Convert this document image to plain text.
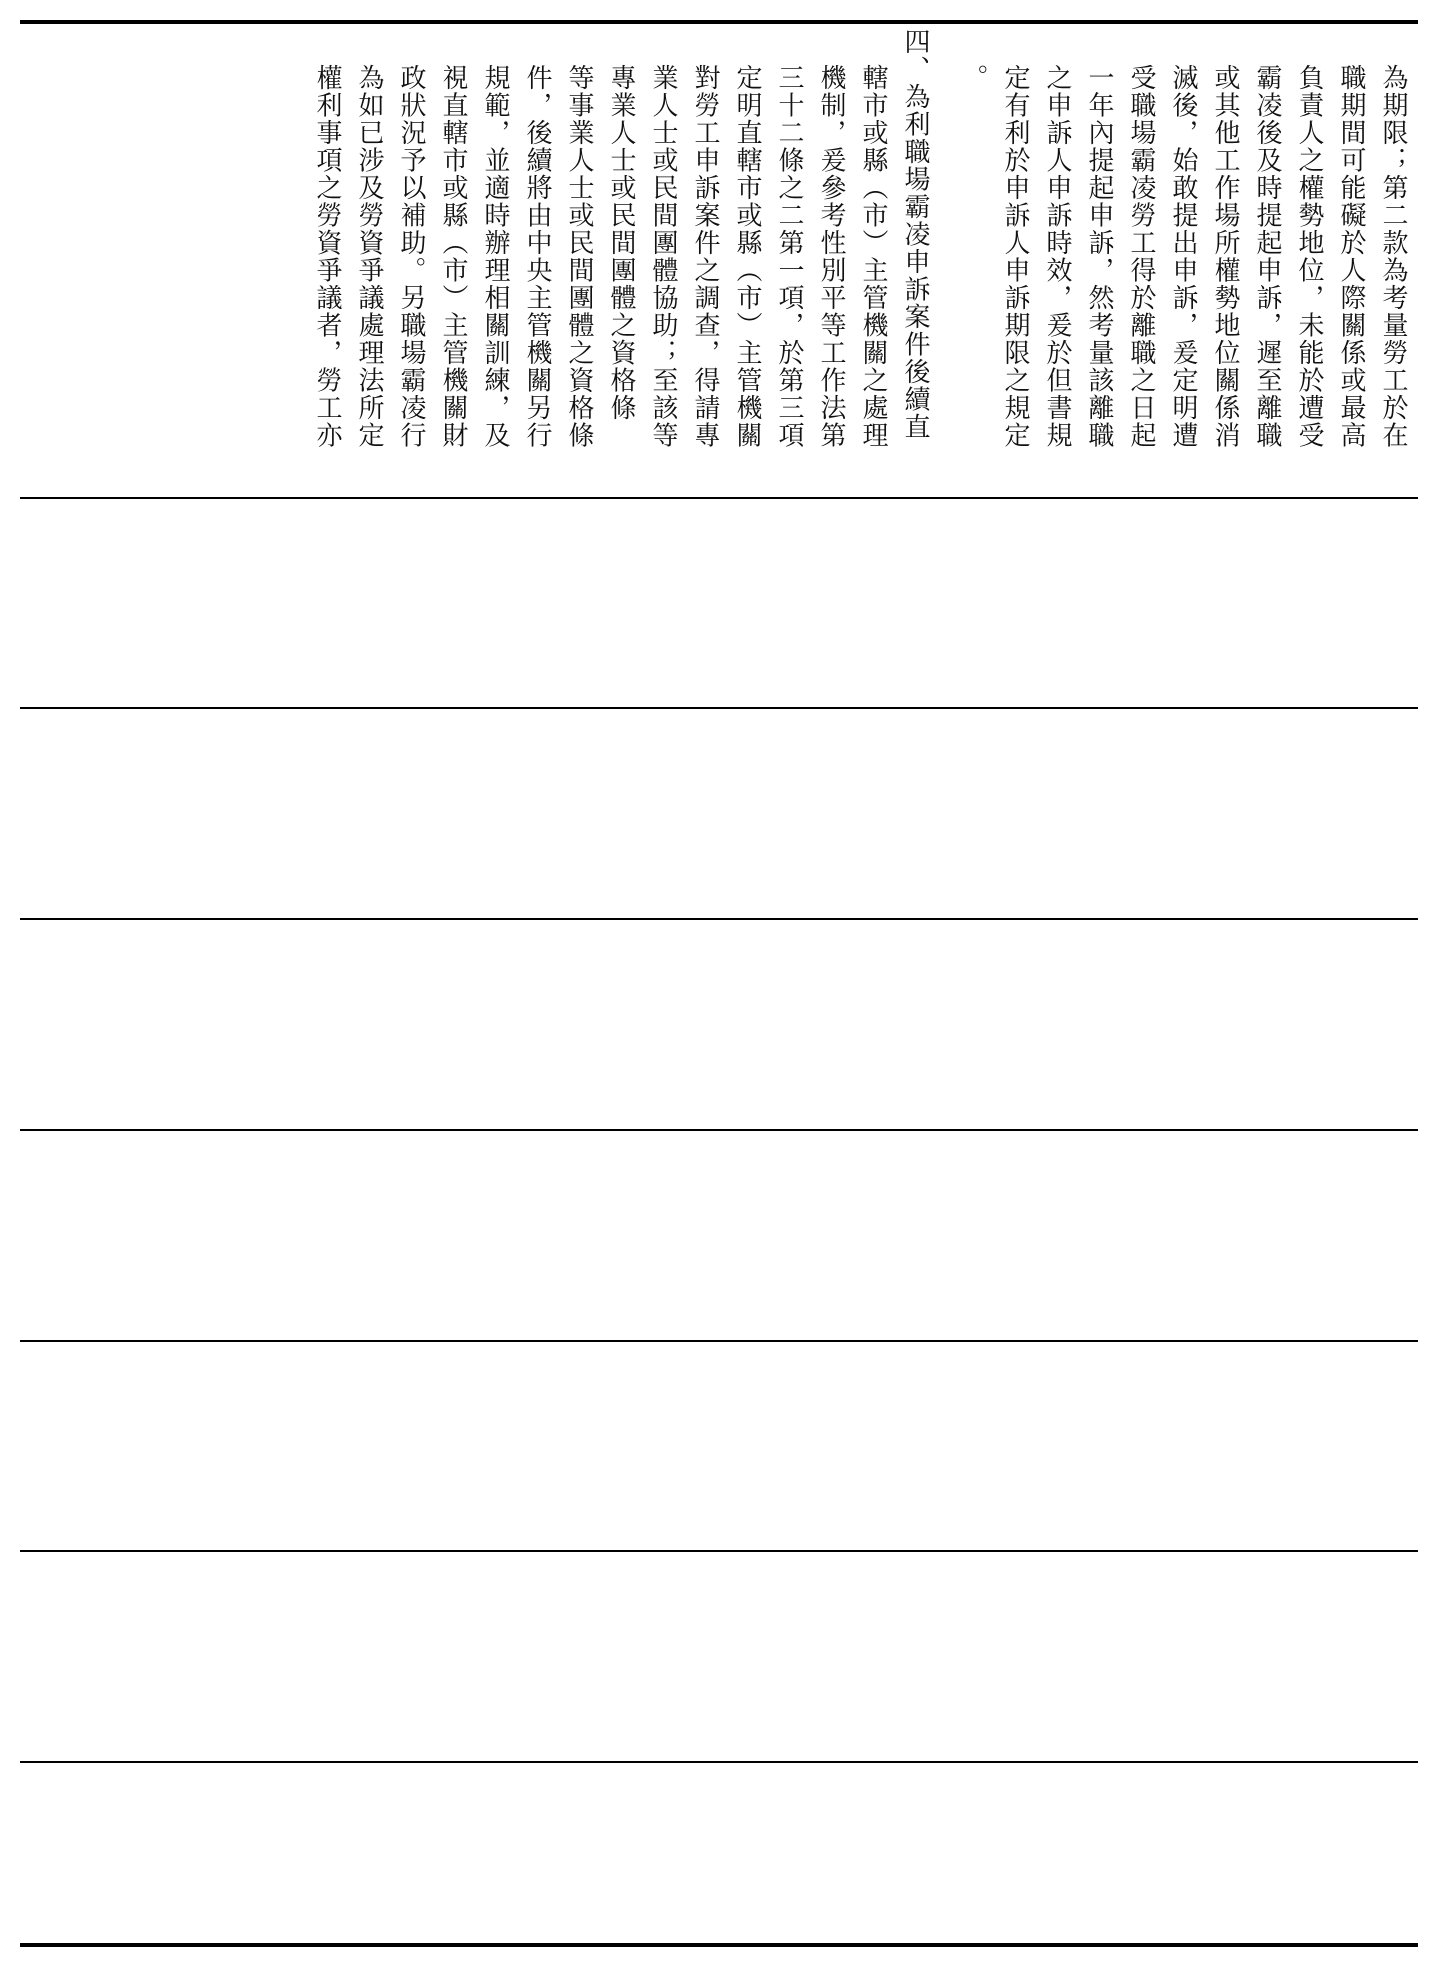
為期限；第二款為考量勞工於在
職期間可能礙於人際關係或最高
負責人之權勢地位，未能於遭受
霸凌後及時提起申訴，遲至離職
或其他工作場所權勢地位關係消
滅後，始敢提出申訴，爰定明遭
受職場霸凌勞工得於離職之日起
一年內提起申訴，然考量該離職
之申訴人申訴時效，爰於但書規
定有利於申訴人申訴期限之規定
。
四、為利職場霸凌申訴案件後續直
轄市或縣（市）主管機關之處理
機制，爰參考性別平等工作法第
三十二條之二第一項，於第三項
定明直轄市或縣（市）主管機關
對勞工申訴案件之調查，得請專
業人士或民間團體協助；至該等
專業人士或民間團體之資格條
等事業人士或民間團體之資格條
件，後續將由中央主管機關另行
規範，並適時辦理相關訓練，及
視直轄市或縣（市）主管機關財
政狀況予以補助。另職場霸凌行
為如已涉及勞資爭議處理法所定
權利事項之勞資爭議者，勞工亦
